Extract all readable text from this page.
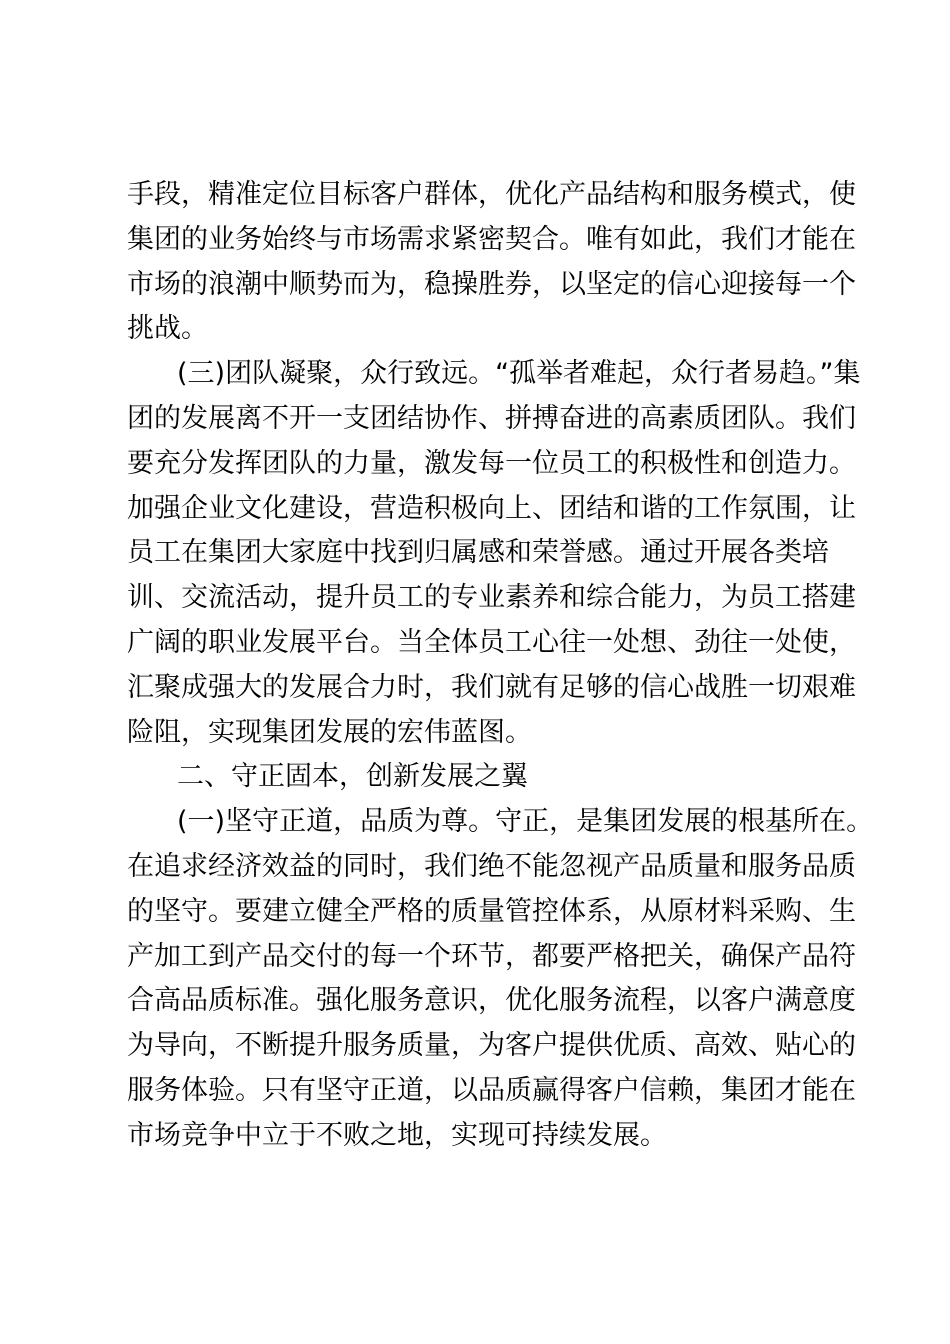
手段，精准定位目标客户群体，优化产品结构和服务模式，使
集团的业务始终与市场需求紧密契合。唯有如此，我们才能在
市场的浪潮中顺势而为，稳操胜券，以坚定的信心迎接每一个
挑战。
(三)团队凝聚，众行致远。“孤举者难起，众行者易趋。”集
团的发展离不开一支团结协作、拼搏奋进的高素质团队。我们
要充分发挥团队的力量，激发每一位员工的积极性和创造力。
加强企业文化建设，营造积极向上、团结和谐的工作氛围，让
员工在集团大家庭中找到归属感和荣誉感。通过开展各类培
训、交流活动，提升员工的专业素养和综合能力，为员工搭建
广阔的职业发展平台。当全体员工心往一处想、劲往一处使，
汇聚成强大的发展合力时，我们就有足够的信心战胜一切艰难
险阻，实现集团发展的宏伟蓝图。
二、守正固本，创新发展之翼
(一)坚守正道，品质为尊。守正，是集团发展的根基所在。
在追求经济效益的同时，我们绝不能忽视产品质量和服务品质
的坚守。要建立健全严格的质量管控体系，从原材料采购、生
产加工到产品交付的每一个环节，都要严格把关，确保产品符
合高品质标准。强化服务意识，优化服务流程，以客户满意度
为导向，不断提升服务质量，为客户提供优质、高效、贴心的
服务体验。只有坚守正道，以品质赢得客户信赖，集团才能在
市场竞争中立于不败之地，实现可持续发展。
